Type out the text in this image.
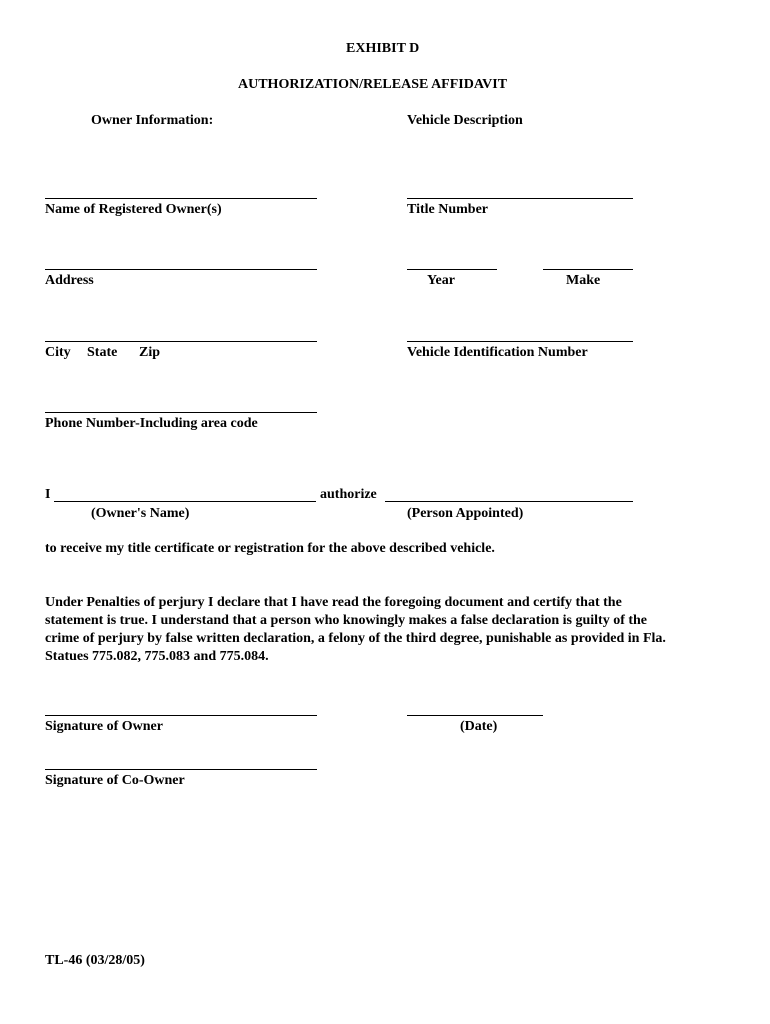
EXHIBIT D
AUTHORIZATION/RELEASE AFFIDAVIT
Owner Information:	Vehicle Description
Name of Registered Owner(s)	Title Number
Address	Year	Make
City State Zip	Vehicle Identification Number
Phone Number-Including area code
I	authorize
(Owner's Name)	(Person Appointed)
to receive my title certificate or registration for the above described vehicle.
Under Penalties of perjury I declare that I have read the foregoing document and certify that the
statement is true. I understand that a person who knowingly makes a false declaration is guilty of the
crime of perjury by false written declaration, a felony of the third degree, punishable as provided in Fla.
Statues 775.082, 775.083 and 775.084.
Signature of Owner	(Date)
Signature of Co-Owner
TL-46 (03/28/05)
